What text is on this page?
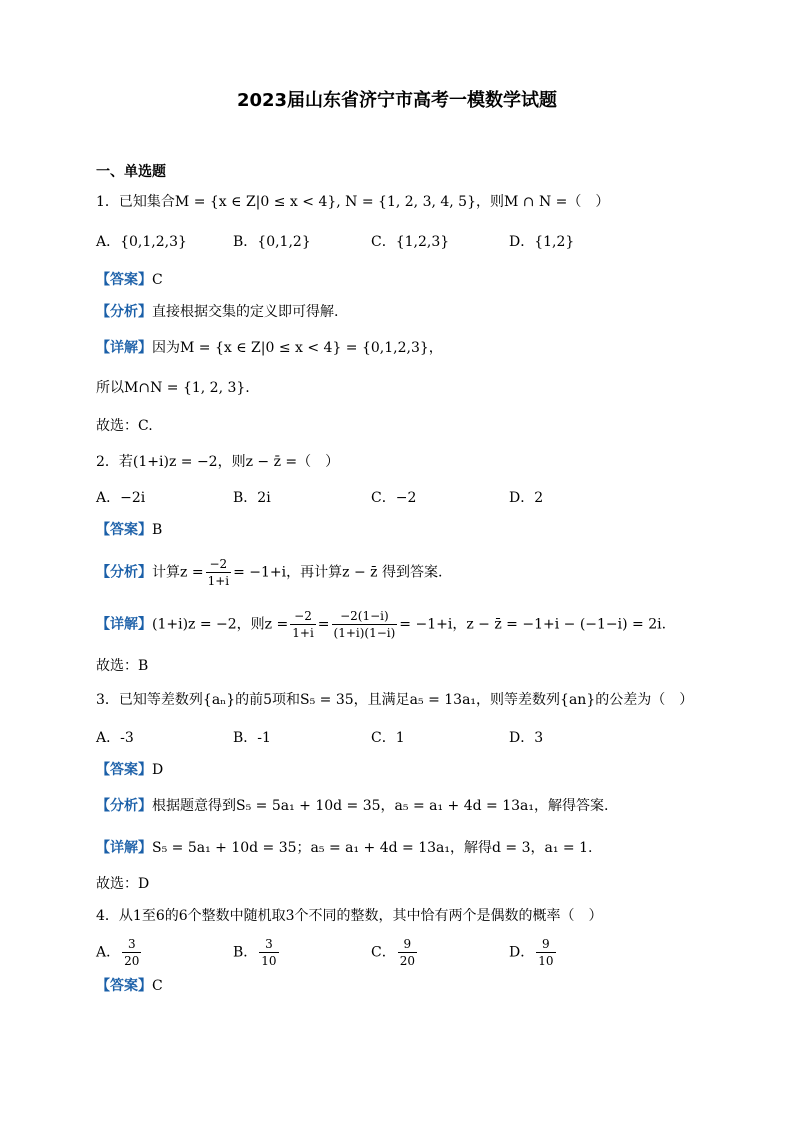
2023届山东省济宁市高考一模数学试题
一、单选题
1．已知集合M = {x ∈ Z|0 ≤ x < 4}, N = {1, 2, 3, 4, 5}，则M ∩ N =（　）
A．{0,1,2,3}	B．{0,1,2}	C．{1,2,3}	D．{1,2}
【答案】C
【分析】直接根据交集的定义即可得解.
【详解】因为M = {x ∈ Z|0 ≤ x < 4} = {0,1,2,3}，
所以M∩N = {1, 2, 3}.
故选：C.
2．若(1+i)z = −2，则z − z̄ =（　）
A．−2i	B．2i	C．−2	D．2
【答案】B
【分析】计算$z = \frac{-2}{1+i} = -1+i$，再计算z − z̄ 得到答案.
【详解】(1+i)z = −2，则$z = \frac{-2}{1+i} = \frac{-2(1-i)}{(1+i)(1-i)} = -1+i$，z − z̄ = −1+i − (−1−i) = 2i.
故选：B
3．已知等差数列{aₙ}的前5项和S₅ = 35，且满足a₅ = 13a₁，则等差数列{an}的公差为（　）
A．-3	B．-1	C．1	D．3
【答案】D
【分析】根据题意得到S₅ = 5a₁ + 10d = 35，a₅ = a₁ + 4d = 13a₁，解得答案.
【详解】S₅ = 5a₁ + 10d = 35；a₅ = a₁ + 4d = 13a₁，解得d = 3，a₁ = 1.
故选：D
4．从1至6的6个整数中随机取3个不同的整数，其中恰有两个是偶数的概率（　）
A． $\frac{3}{20}$	B． $\frac{3}{10}$	C． $\frac{9}{20}$	D． $\frac{9}{10}$
【答案】C
